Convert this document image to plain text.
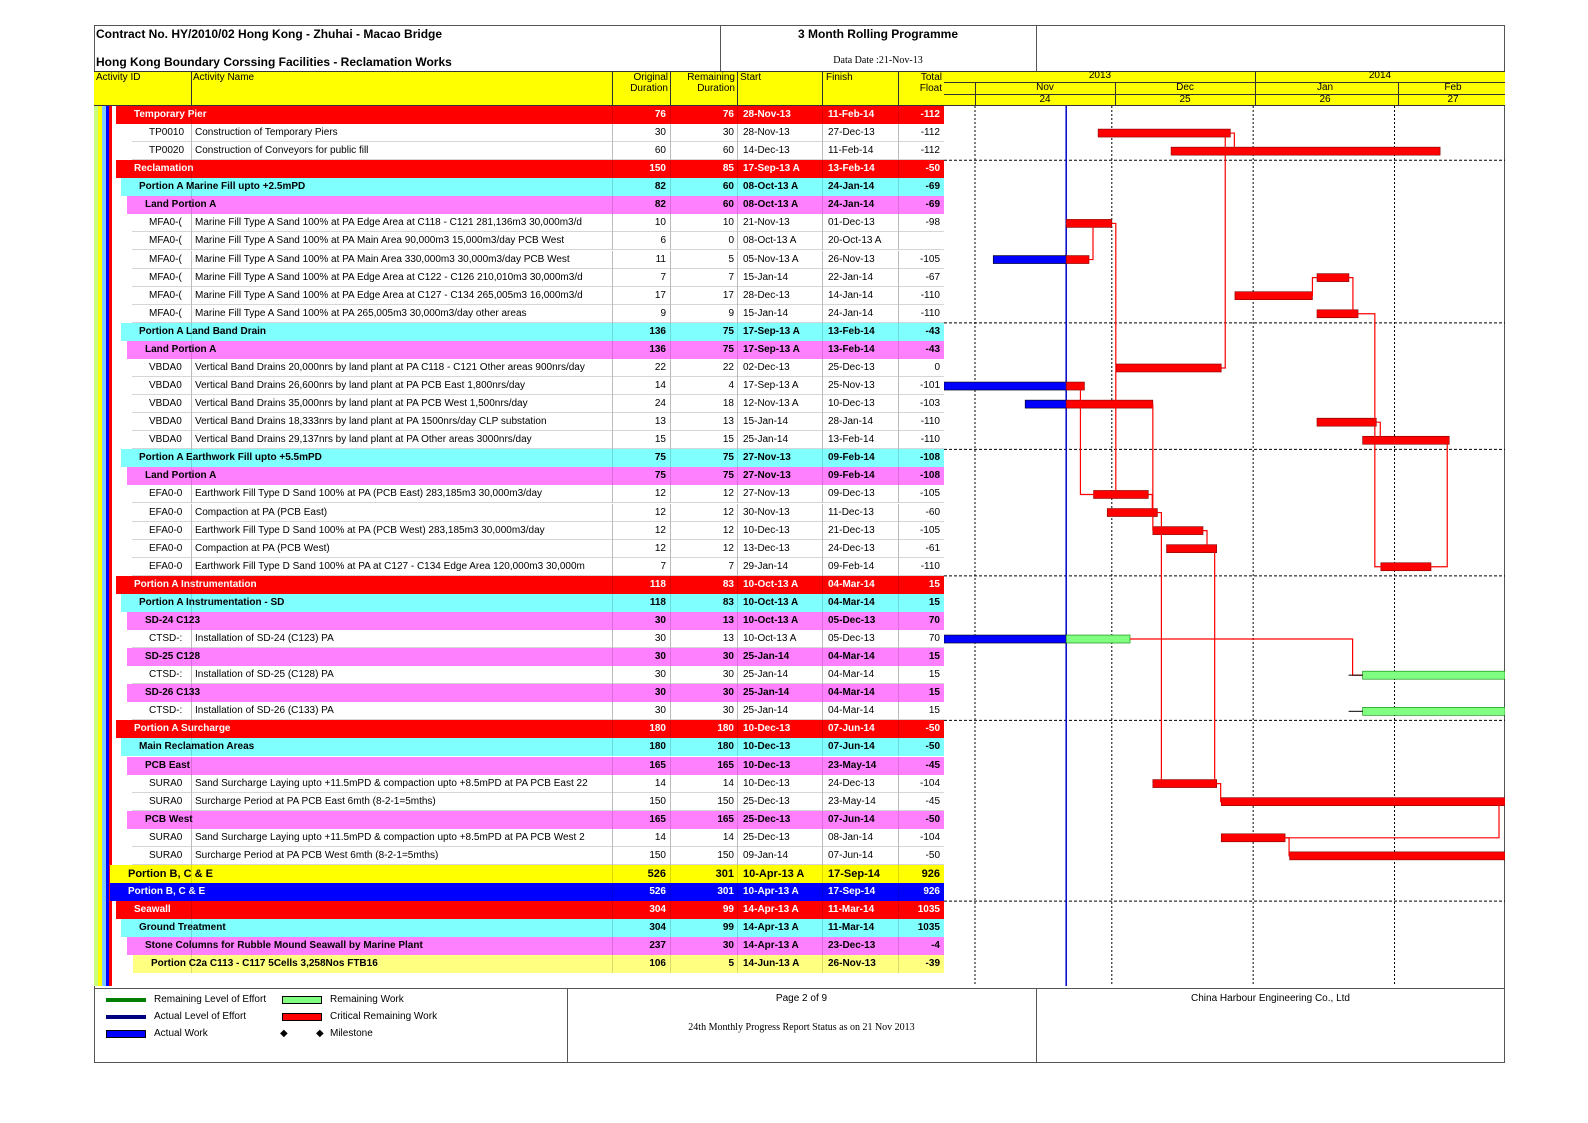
Contract No. HY/2010/02 Hong Kong - Zhuhai - Macao Bridge
Hong Kong Boundary Corssing Facilities - Reclamation Works
3 Month Rolling Programme
Data Date :21-Nov-13
Activity ID	Activity Name	Original
Duration
Remaining
Duration
Start	Finish	Total
Float
2013	2014
Nov	Dec	Jan	Feb
24	25	26	27
Temporary Pier	76	76 28-Nov-13	11-Feb-14	-112
TP0010	Construction of Temporary Piers	30	30 28-Nov-13	27-Dec-13	-112
TP0020	Construction of Conveyors for public fill	60	60 14-Dec-13	11-Feb-14	-112
Reclamation	150	85 17-Sep-13 A	13-Feb-14	-50
Portion A Marine Fill upto +2.5mPD	82	60 08-Oct-13 A	24-Jan-14	-69
Land Portion A	82	60 08-Oct-13 A	24-Jan-14	-69
MFA0-(	Marine Fill Type A Sand 100% at PA Edge Area at C118 - C121 281,136m3 30,000m3/d	10	10 21-Nov-13	01-Dec-13	-98
MFA0-(	Marine Fill Type A Sand 100% at PA Main Area 90,000m3 15,000m3/day PCB West	6	0 08-Oct-13 A	20-Oct-13 A
MFA0-(	Marine Fill Type A Sand 100% at PA Main Area 330,000m3 30,000m3/day PCB West	11	5 05-Nov-13 A	26-Nov-13	-105
MFA0-(	Marine Fill Type A Sand 100% at PA Edge Area at C122 - C126 210,010m3 30,000m3/d	7	7 15-Jan-14	22-Jan-14	-67
MFA0-(	Marine Fill Type A Sand 100% at PA Edge Area at C127 - C134 265,005m3 16,000m3/d	17	17 28-Dec-13	14-Jan-14	-110
MFA0-(	Marine Fill Type A Sand 100% at PA 265,005m3 30,000m3/day other areas	9	9 15-Jan-14	24-Jan-14	-110
Portion A Land Band Drain	136	75 17-Sep-13 A	13-Feb-14	-43
Land Portion A	136	75 17-Sep-13 A	13-Feb-14	-43
VBDA0	Vertical Band Drains 20,000nrs by land plant at PA C118 - C121 Other areas 900nrs/day	22	22 02-Dec-13	25-Dec-13	0
VBDA0	Vertical Band Drains 26,600nrs by land plant at PA PCB East 1,800nrs/day	14	4 17-Sep-13 A	25-Nov-13	-101
VBDA0	Vertical Band Drains 35,000nrs by land plant at PA PCB West 1,500nrs/day	24	18 12-Nov-13 A	10-Dec-13	-103
VBDA0	Vertical Band Drains 18,333nrs by land plant at PA 1500nrs/day CLP substation	13	13 15-Jan-14	28-Jan-14	-110
VBDA0	Vertical Band Drains 29,137nrs by land plant at PA Other areas 3000nrs/day	15	15 25-Jan-14	13-Feb-14	-110
Portion A Earthwork Fill upto +5.5mPD	75	75 27-Nov-13	09-Feb-14	-108
Land Portion A	75	75 27-Nov-13	09-Feb-14	-108
EFA0-0	Earthwork Fill Type D Sand 100% at PA (PCB East) 283,185m3 30,000m3/day	12	12 27-Nov-13	09-Dec-13	-105
EFA0-0	Compaction at PA (PCB East)	12	12 30-Nov-13	11-Dec-13	-60
EFA0-0	Earthwork Fill Type D Sand 100% at PA (PCB West) 283,185m3 30,000m3/day	12	12 10-Dec-13	21-Dec-13	-105
EFA0-0	Compaction at PA (PCB West)	12	12 13-Dec-13	24-Dec-13	-61
EFA0-0	Earthwork Fill Type D Sand 100% at PA at C127 - C134 Edge Area 120,000m3 30,000m	7	7 29-Jan-14	09-Feb-14	-110
Portion A Instrumentation	118	83 10-Oct-13 A	04-Mar-14	15
Portion A Instrumentation - SD	118	83 10-Oct-13 A	04-Mar-14	15
SD-24 C123	30	13 10-Oct-13 A	05-Dec-13	70
CTSD-:	Installation of SD-24 (C123) PA	30	13 10-Oct-13 A	05-Dec-13	70
SD-25 C128	30	30 25-Jan-14	04-Mar-14	15
CTSD-:	Installation of SD-25 (C128) PA	30	30 25-Jan-14	04-Mar-14	15
SD-26 C133	30	30 25-Jan-14	04-Mar-14	15
CTSD-:	Installation of SD-26 (C133) PA	30	30 25-Jan-14	04-Mar-14	15
Portion A Surcharge	180	180 10-Dec-13	07-Jun-14	-50
Main Reclamation Areas	180	180 10-Dec-13	07-Jun-14	-50
PCB East	165	165 10-Dec-13	23-May-14	-45
SURA0	Sand Surcharge Laying upto +11.5mPD & compaction upto +8.5mPD at PA PCB East 22	14	14 10-Dec-13	24-Dec-13	-104
SURA0	Surcharge Period at PA PCB East 6mth (8-2-1=5mths)	150	150 25-Dec-13	23-May-14	-45
PCB West	165	165 25-Dec-13	07-Jun-14	-50
SURA0	Sand Surcharge Laying upto +11.5mPD & compaction upto +8.5mPD at PA PCB West 2	14	14 25-Dec-13	08-Jan-14	-104
SURA0	Surcharge Period at PA PCB West 6mth (8-2-1=5mths)	150	150 09-Jan-14	07-Jun-14	-50
Portion B, C & E	526	301 10-Apr-13 A	17-Sep-14	926
Portion B, C & E	526	301 10-Apr-13 A	17-Sep-14	926
Seawall	304	99 14-Apr-13 A	11-Mar-14	1035
Ground Treatment	304	99 14-Apr-13 A	11-Mar-14	1035
Stone Columns for Rubble Mound Seawall by Marine Plant	237	30 14-Apr-13 A	23-Dec-13	-4
Portion C2a C113 - C117 5Cells 3,258Nos FTB16	106	5 14-Jun-13 A	26-Nov-13	-39
Remaining Level of Effort
Actual Level of Effort
Actual Work
Remaining Work
Critical Remaining Work
◆	◆ Milestone
Page 2 of 9
24th Monthly Progress Report Status as on 21 Nov 2013
China Harbour Engineering Co., Ltd
